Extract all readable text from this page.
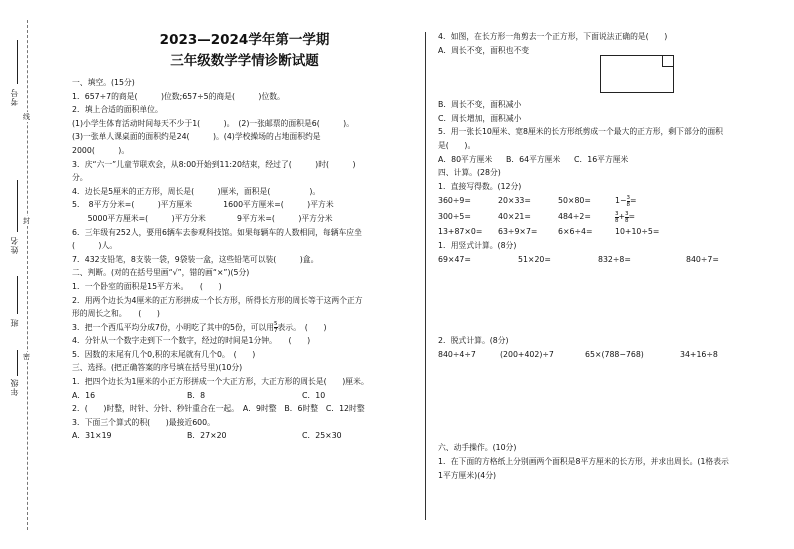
考号
姓名
班
年级
线
封
密
2023—2024学年第一学期
三年级数学学情诊断试题
一、填空。(15分)
1．657÷7的商是(　　　)位数;657÷5的商是(　　　)位数。
2．填上合适的面积单位。
(1)小学生体育活动时间每天不少于1(　　　)。　(2)一张邮票的面积是6(　　　)。
(3)一张单人课桌面的面积约是24(　　　)。(4)学校操场的占地面积约是
2000(　　　)。
3．庆“六一”儿童节联欢会，从8:00开始到11:20结束，经过了(　　　)时(　　　)
分。
4．边长是5厘米的正方形，周长是(　　　)厘米，面积是(　　　　　)。
5．　8平方分米=(　　　)平方厘米　　　　1600平方厘米=(　　　)平方米
　　5000平方厘米=(　　　)平方分米　　　　9平方米=(　　　)平方分米
6．三年级有252人，要用6辆车去参观科技馆。如果每辆车的人数相同，每辆车应坐
(　　　)人。
7．432支铅笔，8支装一袋，9袋装一盒，这些铅笔可以装(　　　)盒。
二、判断。(对的在括号里画“√”，错的画“×”)(5分)
1．一个卧室的面积是15平方米。　　(　　)
2．用两个边长为4厘米的正方形拼成一个长方形，所得长方形的周长等于这两个正方
形的周长之和。　　(　　)
3．把一个西瓜平均分成7份，小明吃了其中的5份，可以用 $\frac{5}{7}$ 表示。　(　　)
4．分针从一个数字走到下一个数字，经过的时间是1分钟。　　(　　)
5．因数的末尾有几个0,积的末尾就有几个0。　(　　)
三、选择。(把正确答案的序号填在括号里)(10分)
1．把四个边长为1厘米的小正方形拼成一个大正方形，大正方形的周长是(　　)厘米。
A．16	B．8	C．10
2．(　　)时整，时针、分针、秒针重合在一起。　A．9时整　B．6时整　C．12时整
3．下面三个算式的积(　　)最接近600。
A．31×19	B．27×20	C．25×30
4．如图，在长方形一角剪去一个正方形，下面说法正确的是(　　)
A．周长不变，面积也不变
B．周长不变，面积减小
C．周长增加，面积减小
5．用一张长10厘米、宽8厘米的长方形纸剪成一个最大的正方形，剩下部分的面积
是(　　)。
A．80平方厘米	B．64平方厘米	C．16平方厘米
四、计算。(28分)
1．直接写得数。(12分)
360÷9=	20×33=	50×80=	$1- \frac{3}{8}$ =
300÷5=	40×21=	484÷2=	$\frac{3}{8} + \frac{3}{8}$ =
13+87×0=	63÷9×7=	6×6÷4=	10+10÷5=
1．用竖式计算。(8分)
69×47=	51×20=	832÷8=	840÷7=
2．脱式计算。(8分)
840÷4÷7	(200+402)÷7	65×(788−768)	34+16÷8
六、动手操作。(10分)
1．在下面的方格纸上分别画两个面积是8平方厘米的长方形，并求出周长。(1格表示
1平方厘米)(4分)
